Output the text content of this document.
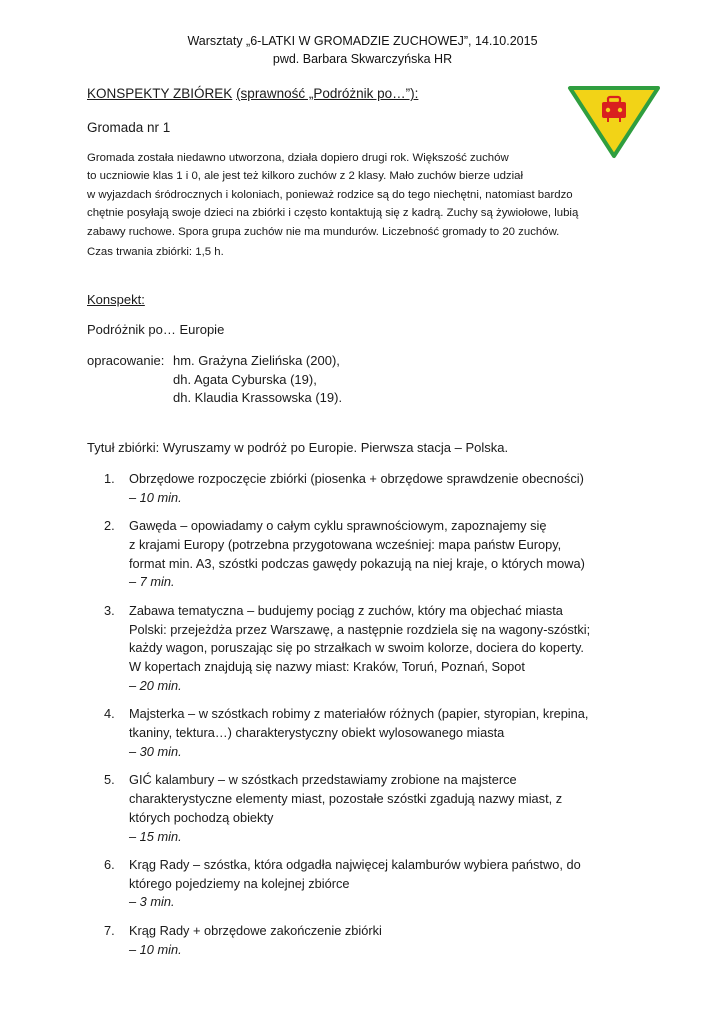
Warsztaty „6-LATKI W GROMADZIE ZUCHOWEJ”, 14.10.2015
pwd. Barbara Skwarczyńska HR
KONSPEKTY ZBIÓREK (sprawność „Podróżnik po…”):
Gromada nr 1
Gromada została niedawno utworzona, działa dopiero drugi rok. Większość zuchów
to uczniowie klas 1 i 0, ale jest też kilkoro zuchów z 2 klasy. Mało zuchów bierze udział
w wyjazdach śródrocznych i koloniach, ponieważ rodzice są do tego niechętni, natomiast bardzo
chętnie posyłają swoje dzieci na zbiórki i często kontaktują się z kadrą. Zuchy są żywiołowe, lubią
zabawy ruchowe. Spora grupa zuchów nie ma mundurów. Liczebność gromady to 20 zuchów.
Czas trwania zbiórki: 1,5 h.
Konspekt:
Podróżnik po… Europie
opracowanie: hm. Grażyna Zielińska (200),
dh. Agata Cyburska (19),
dh. Klaudia Krassowska (19).
Tytuł zbiórki: Wyruszamy w podróż po Europie. Pierwsza stacja – Polska.
1. Obrzędowe rozpoczęcie zbiórki (piosenka + obrzędowe sprawdzenie obecności)
– 10 min.
2. Gawęda – opowiadamy o całym cyklu sprawnościowym, zapoznajemy się
z krajami Europy (potrzebna przygotowana wcześniej: mapa państw Europy,
format min. A3, szóstki podczas gawędy pokazują na niej kraje, o których mowa)
– 7 min.
3. Zabawa tematyczna – budujemy pociąg z zuchów, który ma objechać miasta
Polski: przejeżdża przez Warszawę, a następnie rozdziela się na wagony-szóstki;
każdy wagon, poruszając się po strzałkach w swoim kolorze, dociera do koperty.
W kopertach znajdują się nazwy miast: Kraków, Toruń, Poznań, Sopot
– 20 min.
4. Majsterka – w szóstkach robimy z materiałów różnych (papier, styropian, krepina,
tkaniny, tektura…) charakterystyczny obiekt wylosowanego miasta
– 30 min.
5. GIĆ kalambury – w szóstkach przedstawiamy zrobione na majsterce
charakterystyczne elementy miast, pozostałe szóstki zgadują nazwy miast, z
których pochodzą obiekty
– 15 min.
6. Krąg Rady – szóstka, która odgadła najwięcej kalamburów wybiera państwo, do
którego pojedziemy na kolejnej zbiórce
– 3 min.
7. Krąg Rady + obrzędowe zakończenie zbiórki
– 10 min.
